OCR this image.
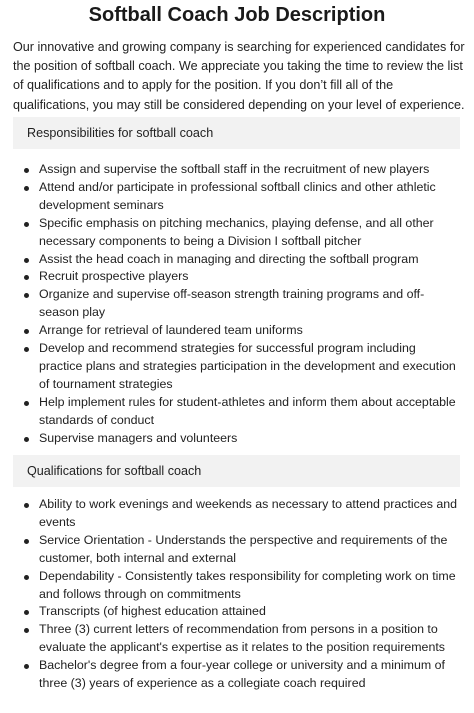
Softball Coach Job Description

Our innovative and growing company is searching for experienced candidates for the position of softball coach. We appreciate you taking the time to review the list of qualifications and to apply for the position. If you don’t fill all of the qualifications, you may still be considered depending on your level of experience.

Responsibilities for softball coach
Assign and supervise the softball staff in the recruitment of new players
Attend and/or participate in professional softball clinics and other athletic development seminars
Specific emphasis on pitching mechanics, playing defense, and all other necessary components to being a Division I softball pitcher
Assist the head coach in managing and directing the softball program
Recruit prospective players
Organize and supervise off-season strength training programs and off-season play
Arrange for retrieval of laundered team uniforms
Develop and recommend strategies for successful program including practice plans and strategies participation in the development and execution of tournament strategies
Help implement rules for student-athletes and inform them about acceptable standards of conduct
Supervise managers and volunteers
Qualifications for softball coach
Ability to work evenings and weekends as necessary to attend practices and events
Service Orientation - Understands the perspective and requirements of the customer, both internal and external
Dependability - Consistently takes responsibility for completing work on time and follows through on commitments
Transcripts (of highest education attained
Three (3) current letters of recommendation from persons in a position to evaluate the applicant's expertise as it relates to the position requirements
Bachelor's degree from a four-year college or university and a minimum of three (3) years of experience as a collegiate coach required
